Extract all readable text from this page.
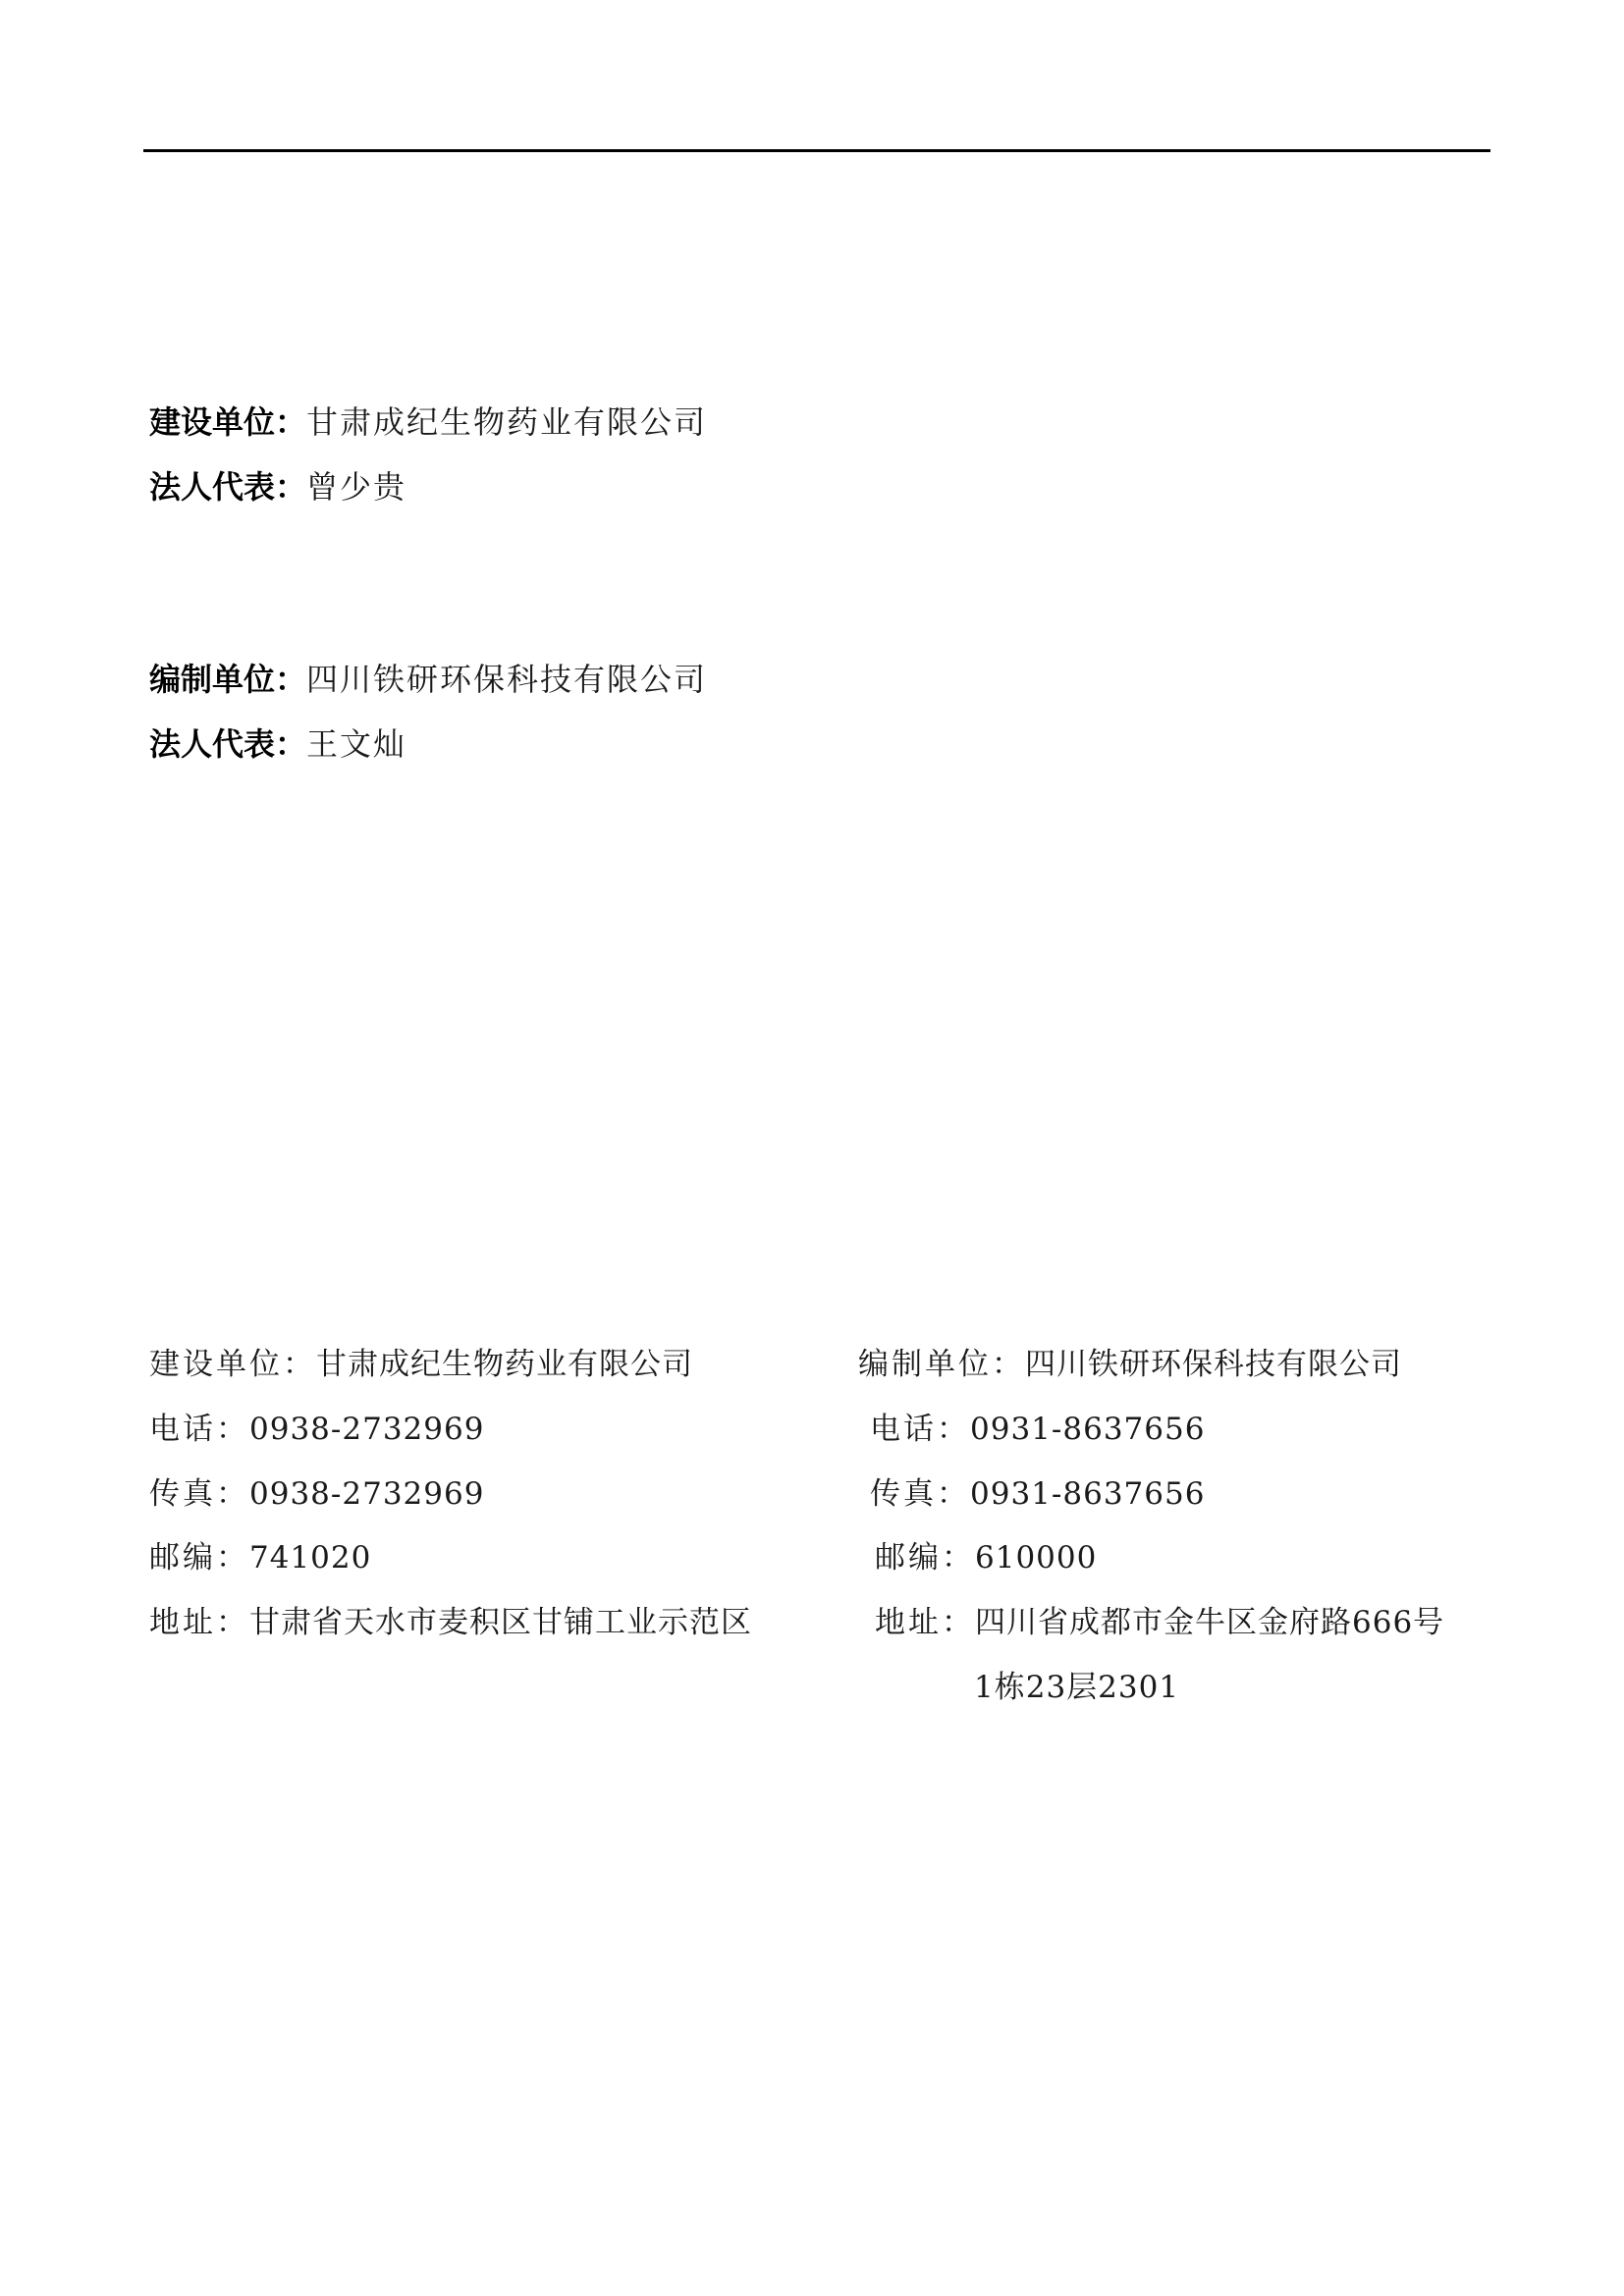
建设单位：甘肃成纪生物药业有限公司
法人代表：曾少贵
编制单位：四川铁研环保科技有限公司
法人代表：王文灿
建设单位：甘肃成纪生物药业有限公司
电话：0938-2732969
传真：0938-2732969
邮编：741020
地址：甘肃省天水市麦积区甘铺工业示范区
编制单位：四川铁研环保科技有限公司
电话：0931-8637656
传真：0931-8637656
邮编：610000
地址：四川省成都市金牛区金府路666号
1栋23层2301
